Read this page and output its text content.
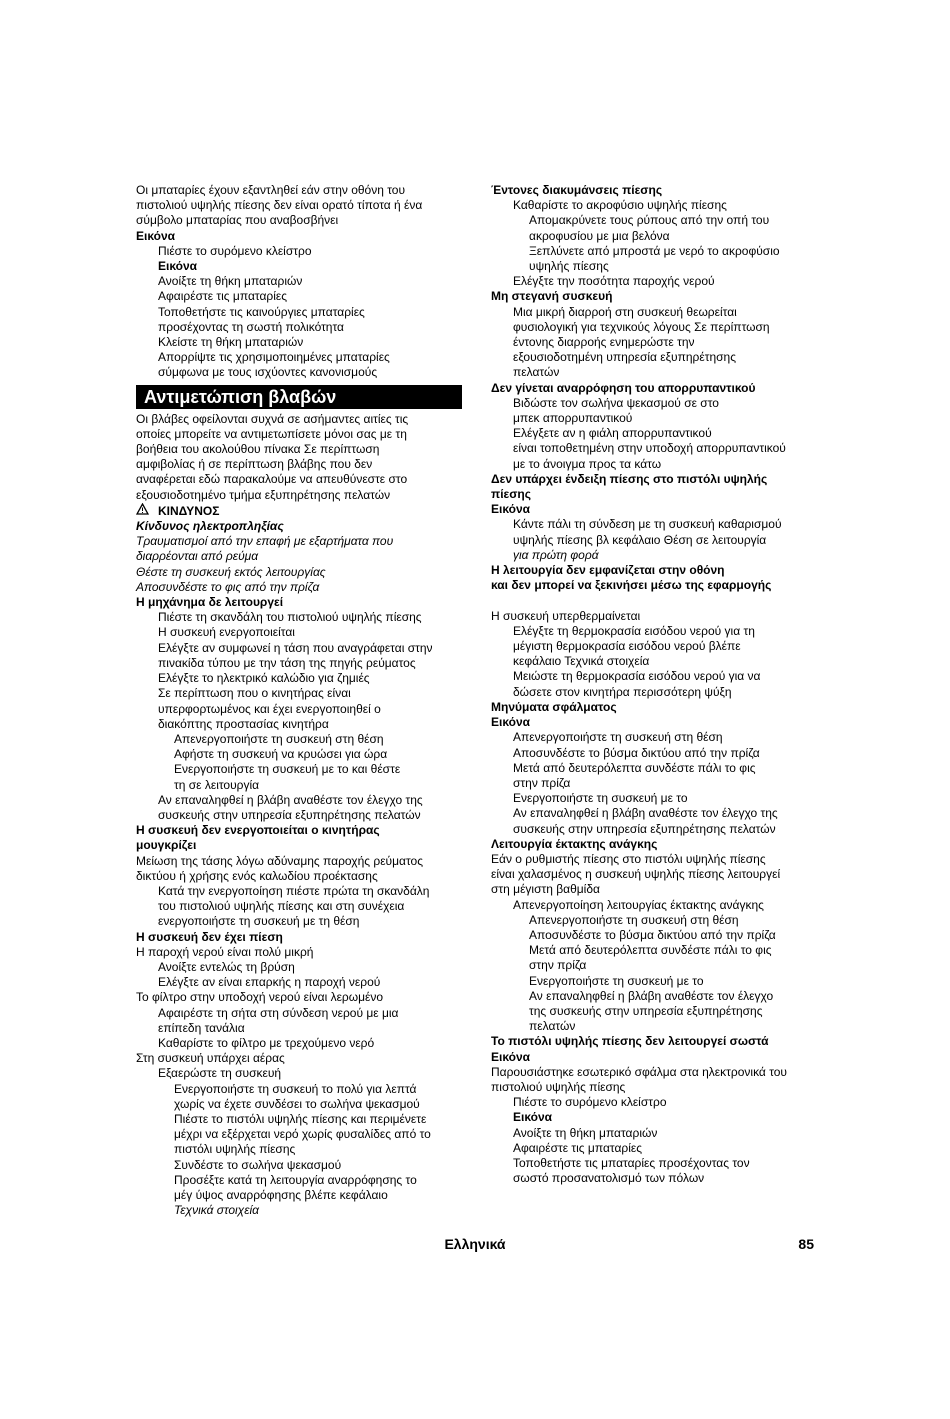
Οι μπαταρίες έχουν εξαντληθεί εάν στην οθόνη του
πιστολιού υψηλής πίεσης δεν είναι ορατό τίποτα ή ένα
σύμβολο μπαταρίας που αναβοσβήνει
Εικόνα
Πιέστε το συρόμενο κλείστρο
Εικόνα
Ανοίξτε τη θήκη μπαταριών
Αφαιρέστε τις μπαταρίες
Τοποθετήστε τις καινούργιες μπαταρίες
προσέχοντας τη σωστή πολικότητα
Κλείστε τη θήκη μπαταριών
Απορρίψτε τις χρησιμοποιημένες μπαταρίες
σύμφωνα με τους ισχύοντες κανονισμούς
Αντιμετώπιση βλαβών
Οι βλάβες οφείλονται συχνά σε ασήμαντες αιτίες τις
οποίες μπορείτε να αντιμετωπίσετε μόνοι σας με τη
βοήθεια του ακολούθου πίνακα Σε περίπτωση
αμφιβολίας ή σε περίπτωση βλάβης που δεν
αναφέρεται εδώ παρακαλούμε να απευθύνεστε στο
εξουσιοδοτημένο τμήμα εξυπηρέτησης πελατών
ΚΙΝΔΥΝΟΣ
Κίνδυνος ηλεκτροπληξίας
Τραυματισμοί από την επαφή με εξαρτήματα που
διαρρέονται από ρεύμα
Θέστε τη συσκευή εκτός λειτουργίας
Αποσυνδέστε το φις από την πρίζα
Η μηχάνημα δε λειτουργεί
Πιέστε τη σκανδάλη του πιστολιού υψηλής πίεσης
Η συσκευή ενεργοποιείται
Ελέγξτε αν συμφωνεί η τάση που αναγράφεται στην
πινακίδα τύπου με την τάση της πηγής ρεύματος
Ελέγξτε το ηλεκτρικό καλώδιο για ζημιές
Σε περίπτωση που ο κινητήρας είναι
υπερφορτωμένος και έχει ενεργοποιηθεί ο
διακόπτης προστασίας κινητήρα
Απενεργοποιήστε τη συσκευή στη θέση
Αφήστε τη συσκευή να κρυώσει για ώρα
Ενεργοποιήστε τη συσκευή με το και θέστε
τη σε λειτουργία
Αν επαναληφθεί η βλάβη αναθέστε τον έλεγχο της
συσκευής στην υπηρεσία εξυπηρέτησης πελατών
Η συσκευή δεν ενεργοποιείται ο κινητήρας
μουγκρίζει
Μείωση της τάσης λόγω αδύναμης παροχής ρεύματος
δικτύου ή χρήσης ενός καλωδίου προέκτασης
Κατά την ενεργοποίηση πιέστε πρώτα τη σκανδάλη
του πιστολιού υψηλής πίεσης και στη συνέχεια
ενεργοποιήστε τη συσκευή με τη θέση
Η συσκευή δεν έχει πίεση
Η παροχή νερού είναι πολύ μικρή
Ανοίξτε εντελώς τη βρύση
Ελέγξτε αν είναι επαρκής η παροχή νερού
Το φίλτρο στην υποδοχή νερού είναι λερωμένο
Αφαιρέστε τη σήτα στη σύνδεση νερού με μια
επίπεδη τανάλια
Καθαρίστε το φίλτρο με τρεχούμενο νερό
Στη συσκευή υπάρχει αέρας
Εξαερώστε τη συσκευή
Ενεργοποιήστε τη συσκευή το πολύ για λεπτά
χωρίς να έχετε συνδέσει το σωλήνα ψεκασμού
Πιέστε το πιστόλι υψηλής πίεσης και περιμένετε
μέχρι να εξέρχεται νερό χωρίς φυσαλίδες από το
πιστόλι υψηλής πίεσης
Συνδέστε το σωλήνα ψεκασμού
Προσέξτε κατά τη λειτουργία αναρρόφησης το
μέγ ύψος αναρρόφησης βλέπε κεφάλαιο
Τεχνικά στοιχεία
Έντονες διακυμάνσεις πίεσης
Καθαρίστε το ακροφύσιο υψηλής πίεσης
Απομακρύνετε τους ρύπους από την οπή του
ακροφυσίου με μια βελόνα
Ξεπλύνετε από μπροστά με νερό το ακροφύσιο
υψηλής πίεσης
Ελέγξτε την ποσότητα παροχής νερού
Μη στεγανή συσκευή
Μια μικρή διαρροή στη συσκευή θεωρείται
φυσιολογική για τεχνικούς λόγους Σε περίπτωση
έντονης διαρροής ενημερώστε την
εξουσιοδοτημένη υπηρεσία εξυπηρέτησης
πελατών
Δεν γίνεται αναρρόφηση του απορρυπαντικού
Βιδώστε τον σωλήνα ψεκασμού σε στο
μπεκ απορρυπαντικού
Ελέγξετε αν η φιάλη απορρυπαντικού
είναι τοποθετημένη στην υποδοχή απορρυπαντικού
με το άνοιγμα προς τα κάτω
Δεν υπάρχει ένδειξη πίεσης στο πιστόλι υψηλής
πίεσης
Εικόνα
Κάντε πάλι τη σύνδεση με τη συσκευή καθαρισμού
υψηλής πίεσης βλ κεφάλαιο Θέση σε λειτουργία
για πρώτη φορά
Η λειτουργία δεν εμφανίζεται στην οθόνη
και δεν μπορεί να ξεκινήσει μέσω της εφαρμογής
Η συσκευή υπερθερμαίνεται
Ελέγξτε τη θερμοκρασία εισόδου νερού για τη
μέγιστη θερμοκρασία εισόδου νερού βλέπε
κεφάλαιο Τεχνικά στοιχεία
Μειώστε τη θερμοκρασία εισόδου νερού για να
δώσετε στον κινητήρα περισσότερη ψύξη
Μηνύματα σφάλματος
Εικόνα
Απενεργοποιήστε τη συσκευή στη θέση
Αποσυνδέστε το βύσμα δικτύου από την πρίζα
Μετά από δευτερόλεπτα συνδέστε πάλι το φις
στην πρίζα
Ενεργοποιήστε τη συσκευή με το
Αν επαναληφθεί η βλάβη αναθέστε τον έλεγχο της
συσκευής στην υπηρεσία εξυπηρέτησης πελατών
Λειτουργία έκτακτης ανάγκης
Εάν ο ρυθμιστής πίεσης στο πιστόλι υψηλής πίεσης
είναι χαλασμένος η συσκευή υψηλής πίεσης λειτουργεί
στη μέγιστη βαθμίδα
Απενεργοποίηση λειτουργίας έκτακτης ανάγκης
Απενεργοποιήστε τη συσκευή στη θέση
Αποσυνδέστε το βύσμα δικτύου από την πρίζα
Μετά από δευτερόλεπτα συνδέστε πάλι το φις
στην πρίζα
Ενεργοποιήστε τη συσκευή με το
Αν επαναληφθεί η βλάβη αναθέστε τον έλεγχο
της συσκευής στην υπηρεσία εξυπηρέτησης
πελατών
Το πιστόλι υψηλής πίεσης δεν λειτουργεί σωστά
Εικόνα
Παρουσιάστηκε εσωτερικό σφάλμα στα ηλεκτρονικά του
πιστολιού υψηλής πίεσης
Πιέστε το συρόμενο κλείστρο
Εικόνα
Ανοίξτε τη θήκη μπαταριών
Αφαιρέστε τις μπαταρίες
Τοποθετήστε τις μπαταρίες προσέχοντας τον
σωστό προσανατολισμό των πόλων
Ελληνικά	85
